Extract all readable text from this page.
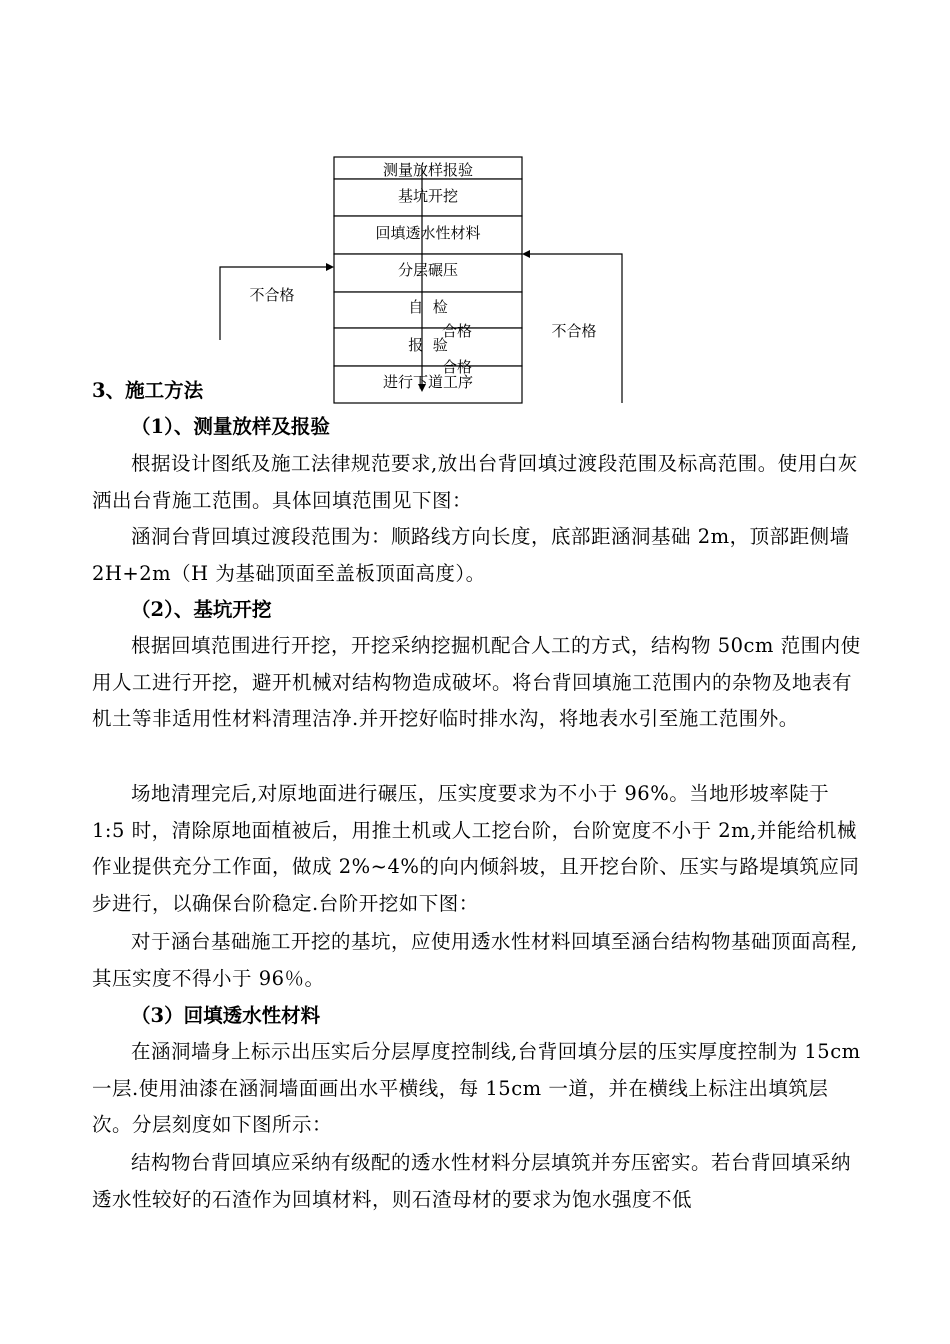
测量放样报验
基坑开挖
回填透水性材料
分层碾压
自  检
报  验
进行下道工序
不合格
不合格
合格
合格
3、施工方法
（1）、测量放样及报验
根据设计图纸及施工法律规范要求,放出台背回填过渡段范围及标高范围。使用白灰洒出台背施工范围。具体回填范围见下图：
涵洞台背回填过渡段范围为：顺路线方向长度，底部距涵洞基础 2m，顶部距侧墙 2H+2m（H 为基础顶面至盖板顶面高度）。
（2）、基坑开挖
根据回填范围进行开挖，开挖采纳挖掘机配合人工的方式，结构物 50cm 范围内使用人工进行开挖，避开机械对结构物造成破坏。将台背回填施工范围内的杂物及地表有机土等非适用性材料清理洁净.并开挖好临时排水沟，将地表水引至施工范围外。
场地清理完后,对原地面进行碾压，压实度要求为不小于 96%。当地形坡率陡于 1:5 时，清除原地面植被后，用推土机或人工挖台阶，台阶宽度不小于 2m,并能给机械作业提供充分工作面，做成 2%~4%的向内倾斜坡，且开挖台阶、压实与路堤填筑应同步进行，以确保台阶稳定.台阶开挖如下图：
对于涵台基础施工开挖的基坑，应使用透水性材料回填至涵台结构物基础顶面高程,其压实度不得小于 96％。
（3）回填透水性材料
在涵洞墙身上标示出压实后分层厚度控制线,台背回填分层的压实厚度控制为 15cm 一层.使用油漆在涵洞墙面画出水平横线，每 15cm 一道，并在横线上标注出填筑层次。分层刻度如下图所示：
结构物台背回填应采纳有级配的透水性材料分层填筑并夯压密实。若台背回填采纳透水性较好的石渣作为回填材料，则石渣母材的要求为饱水强度不低
